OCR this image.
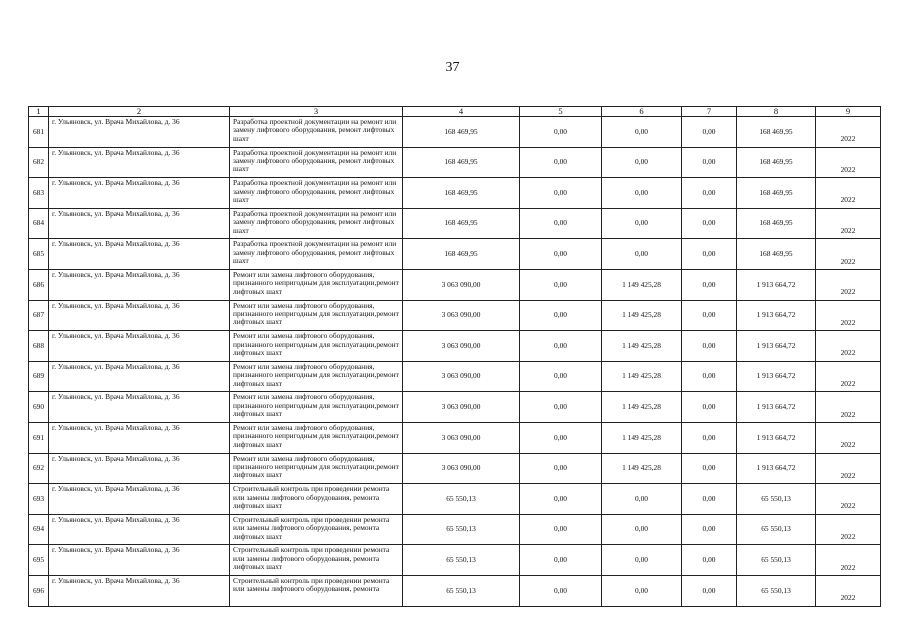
37
1	2	3	4	5	6	7	8	9
681	г. Ульяновск, ул. Врача Михайлова, д. 36	Разработка проектной документации на ремонт или замену лифтового оборудования, ремонт лифтовых шахт	168 469,95	0,00	0,00	0,00	168 469,95	2022
682	г. Ульяновск, ул. Врача Михайлова, д. 36	Разработка проектной документации на ремонт или замену лифтового оборудования, ремонт лифтовых шахт	168 469,95	0,00	0,00	0,00	168 469,95	2022
683	г. Ульяновск, ул. Врача Михайлова, д. 36	Разработка проектной документации на ремонт или замену лифтового оборудования, ремонт лифтовых шахт	168 469,95	0,00	0,00	0,00	168 469,95	2022
684	г. Ульяновск, ул. Врача Михайлова, д. 36	Разработка проектной документации на ремонт или замену лифтового оборудования, ремонт лифтовых шахт	168 469,95	0,00	0,00	0,00	168 469,95	2022
685	г. Ульяновск, ул. Врача Михайлова, д. 36	Разработка проектной документации на ремонт или замену лифтового оборудования, ремонт лифтовых шахт	168 469,95	0,00	0,00	0,00	168 469,95	2022
686	г. Ульяновск, ул. Врача Михайлова, д. 36	Ремонт или замена лифтового оборудования, признанного непригодным для эксплуатации,ремонт лифтовых шахт	3 063 090,00	0,00	1 149 425,28	0,00	1 913 664,72	2022
687	г. Ульяновск, ул. Врача Михайлова, д. 36	Ремонт или замена лифтового оборудования, признанного непригодным для эксплуатации,ремонт лифтовых шахт	3 063 090,00	0,00	1 149 425,28	0,00	1 913 664,72	2022
688	г. Ульяновск, ул. Врача Михайлова, д. 36	Ремонт или замена лифтового оборудования, признанного непригодным для эксплуатации,ремонт лифтовых шахт	3 063 090,00	0,00	1 149 425,28	0,00	1 913 664,72	2022
689	г. Ульяновск, ул. Врача Михайлова, д. 36	Ремонт или замена лифтового оборудования, признанного непригодным для эксплуатации,ремонт лифтовых шахт	3 063 090,00	0,00	1 149 425,28	0,00	1 913 664,72	2022
690	г. Ульяновск, ул. Врача Михайлова, д. 36	Ремонт или замена лифтового оборудования, признанного непригодным для эксплуатации,ремонт лифтовых шахт	3 063 090,00	0,00	1 149 425,28	0,00	1 913 664,72	2022
691	г. Ульяновск, ул. Врача Михайлова, д. 36	Ремонт или замена лифтового оборудования, признанного непригодным для эксплуатации,ремонт лифтовых шахт	3 063 090,00	0,00	1 149 425,28	0,00	1 913 664,72	2022
692	г. Ульяновск, ул. Врача Михайлова, д. 36	Ремонт или замена лифтового оборудования, признанного непригодным для эксплуатации,ремонт лифтовых шахт	3 063 090,00	0,00	1 149 425,28	0,00	1 913 664,72	2022
693	г. Ульяновск, ул. Врача Михайлова, д. 36	Строительный контроль при проведении ремонта или замены лифтового оборудования, ремонта лифтовых шахт	65 550,13	0,00	0,00	0,00	65 550,13	2022
694	г. Ульяновск, ул. Врача Михайлова, д. 36	Строительный контроль при проведении ремонта или замены лифтового оборудования, ремонта лифтовых шахт	65 550,13	0,00	0,00	0,00	65 550,13	2022
695	г. Ульяновск, ул. Врача Михайлова, д. 36	Строительный контроль при проведении ремонта или замены лифтового оборудования, ремонта лифтовых шахт	65 550,13	0,00	0,00	0,00	65 550,13	2022
696	г. Ульяновск, ул. Врача Михайлова, д. 36	Строительный контроль при проведении ремонта или замены лифтового оборудования, ремонта	65 550,13	0,00	0,00	0,00	65 550,13	2022
